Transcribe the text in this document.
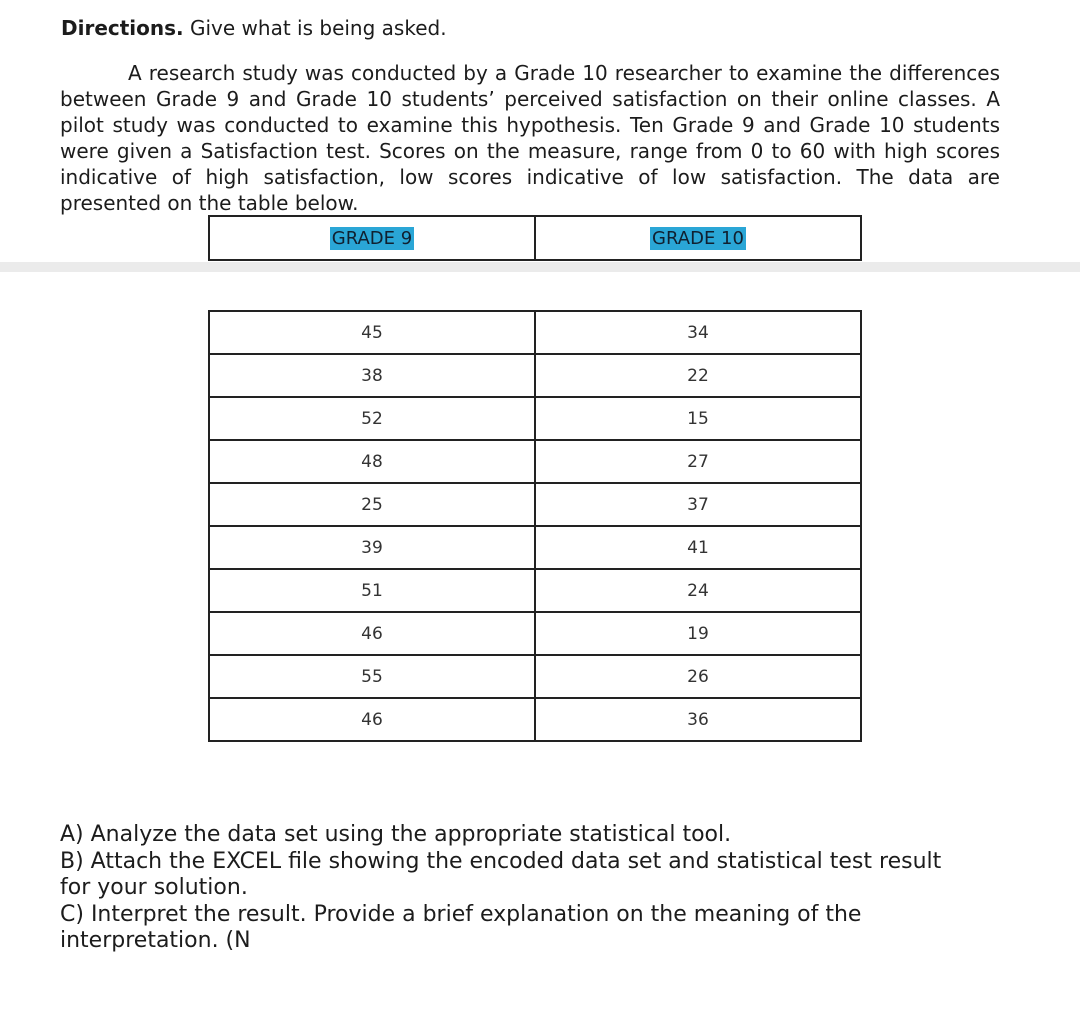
Directions. Give what is being asked.

A research study was conducted by a Grade 10 researcher to examine the differences between Grade 9 and Grade 10 students’ perceived satisfaction on their online classes. A pilot study was conducted to examine this hypothesis. Ten Grade 9 and Grade 10 students were given a Satisfaction test. Scores on the measure, range from 0 to 60 with high scores indicative of high satisfaction, low scores indicative of low satisfaction. The data are presented on the table below.

GRADE 9	GRADE 10
45	34
38	22
52	15
48	27
25	37
39	41
51	24
46	19
55	26
46	36
A) Analyze the data set using the appropriate statistical tool.
B) Attach the EXCEL file showing the encoded data set and statistical test result for your solution.
C) Interpret the result. Provide a brief explanation on the meaning of the interpretation. (N
